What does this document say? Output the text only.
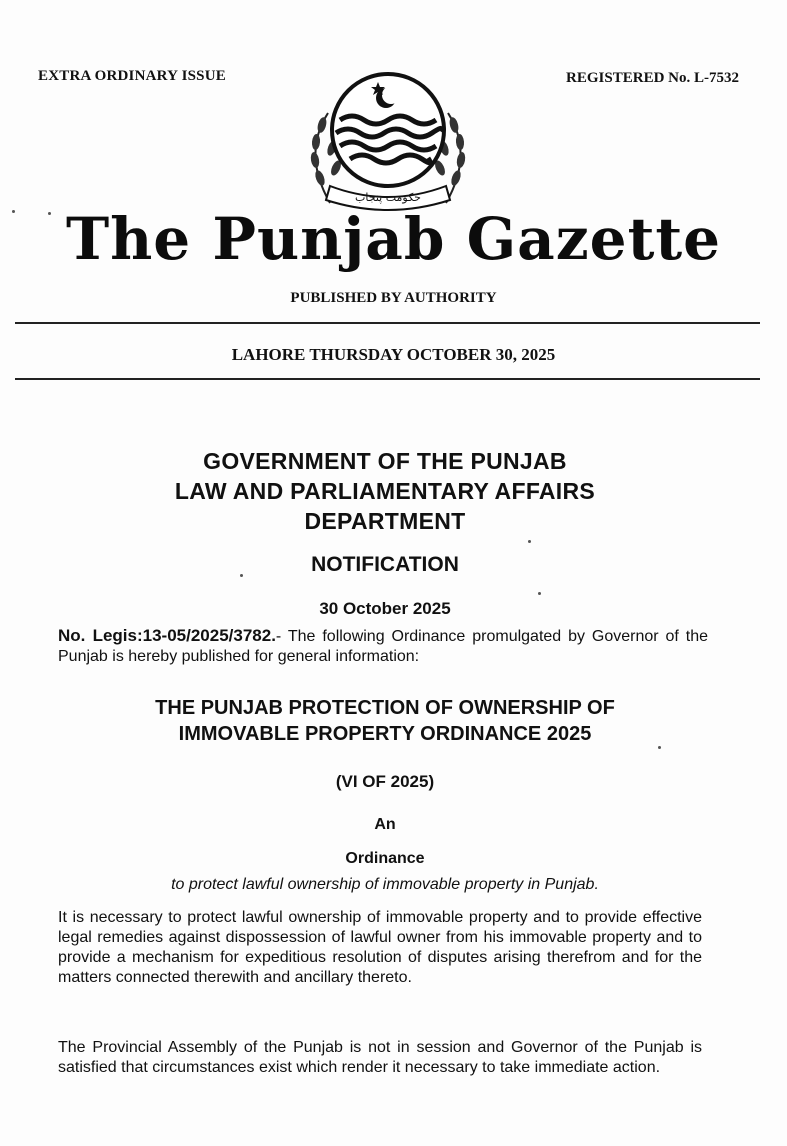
EXTRA ORDINARY ISSUE	REGISTERED No. L-7532
حکومت پنجاب
The Punjab Gazette
PUBLISHED BY AUTHORITY
LAHORE THURSDAY OCTOBER 30, 2025
GOVERNMENT OF THE PUNJAB
LAW AND PARLIAMENTARY AFFAIRS
DEPARTMENT
NOTIFICATION
30 October 2025
No. Legis:13-05/2025/3782.- The following Ordinance promulgated by Governor of the Punjab is hereby published for general information:
THE PUNJAB PROTECTION OF OWNERSHIP OF
IMMOVABLE PROPERTY ORDINANCE 2025
(VI OF 2025)
An
Ordinance
to protect lawful ownership of immovable property in Punjab.
It is necessary to protect lawful ownership of immovable property and to provide effective legal remedies against dispossession of lawful owner from his immovable property and to provide a mechanism for expeditious resolution of disputes arising therefrom and for the matters connected therewith and ancillary thereto.
The Provincial Assembly of the Punjab is not in session and Governor of the Punjab is satisfied that circumstances exist which render it necessary to take immediate action.
